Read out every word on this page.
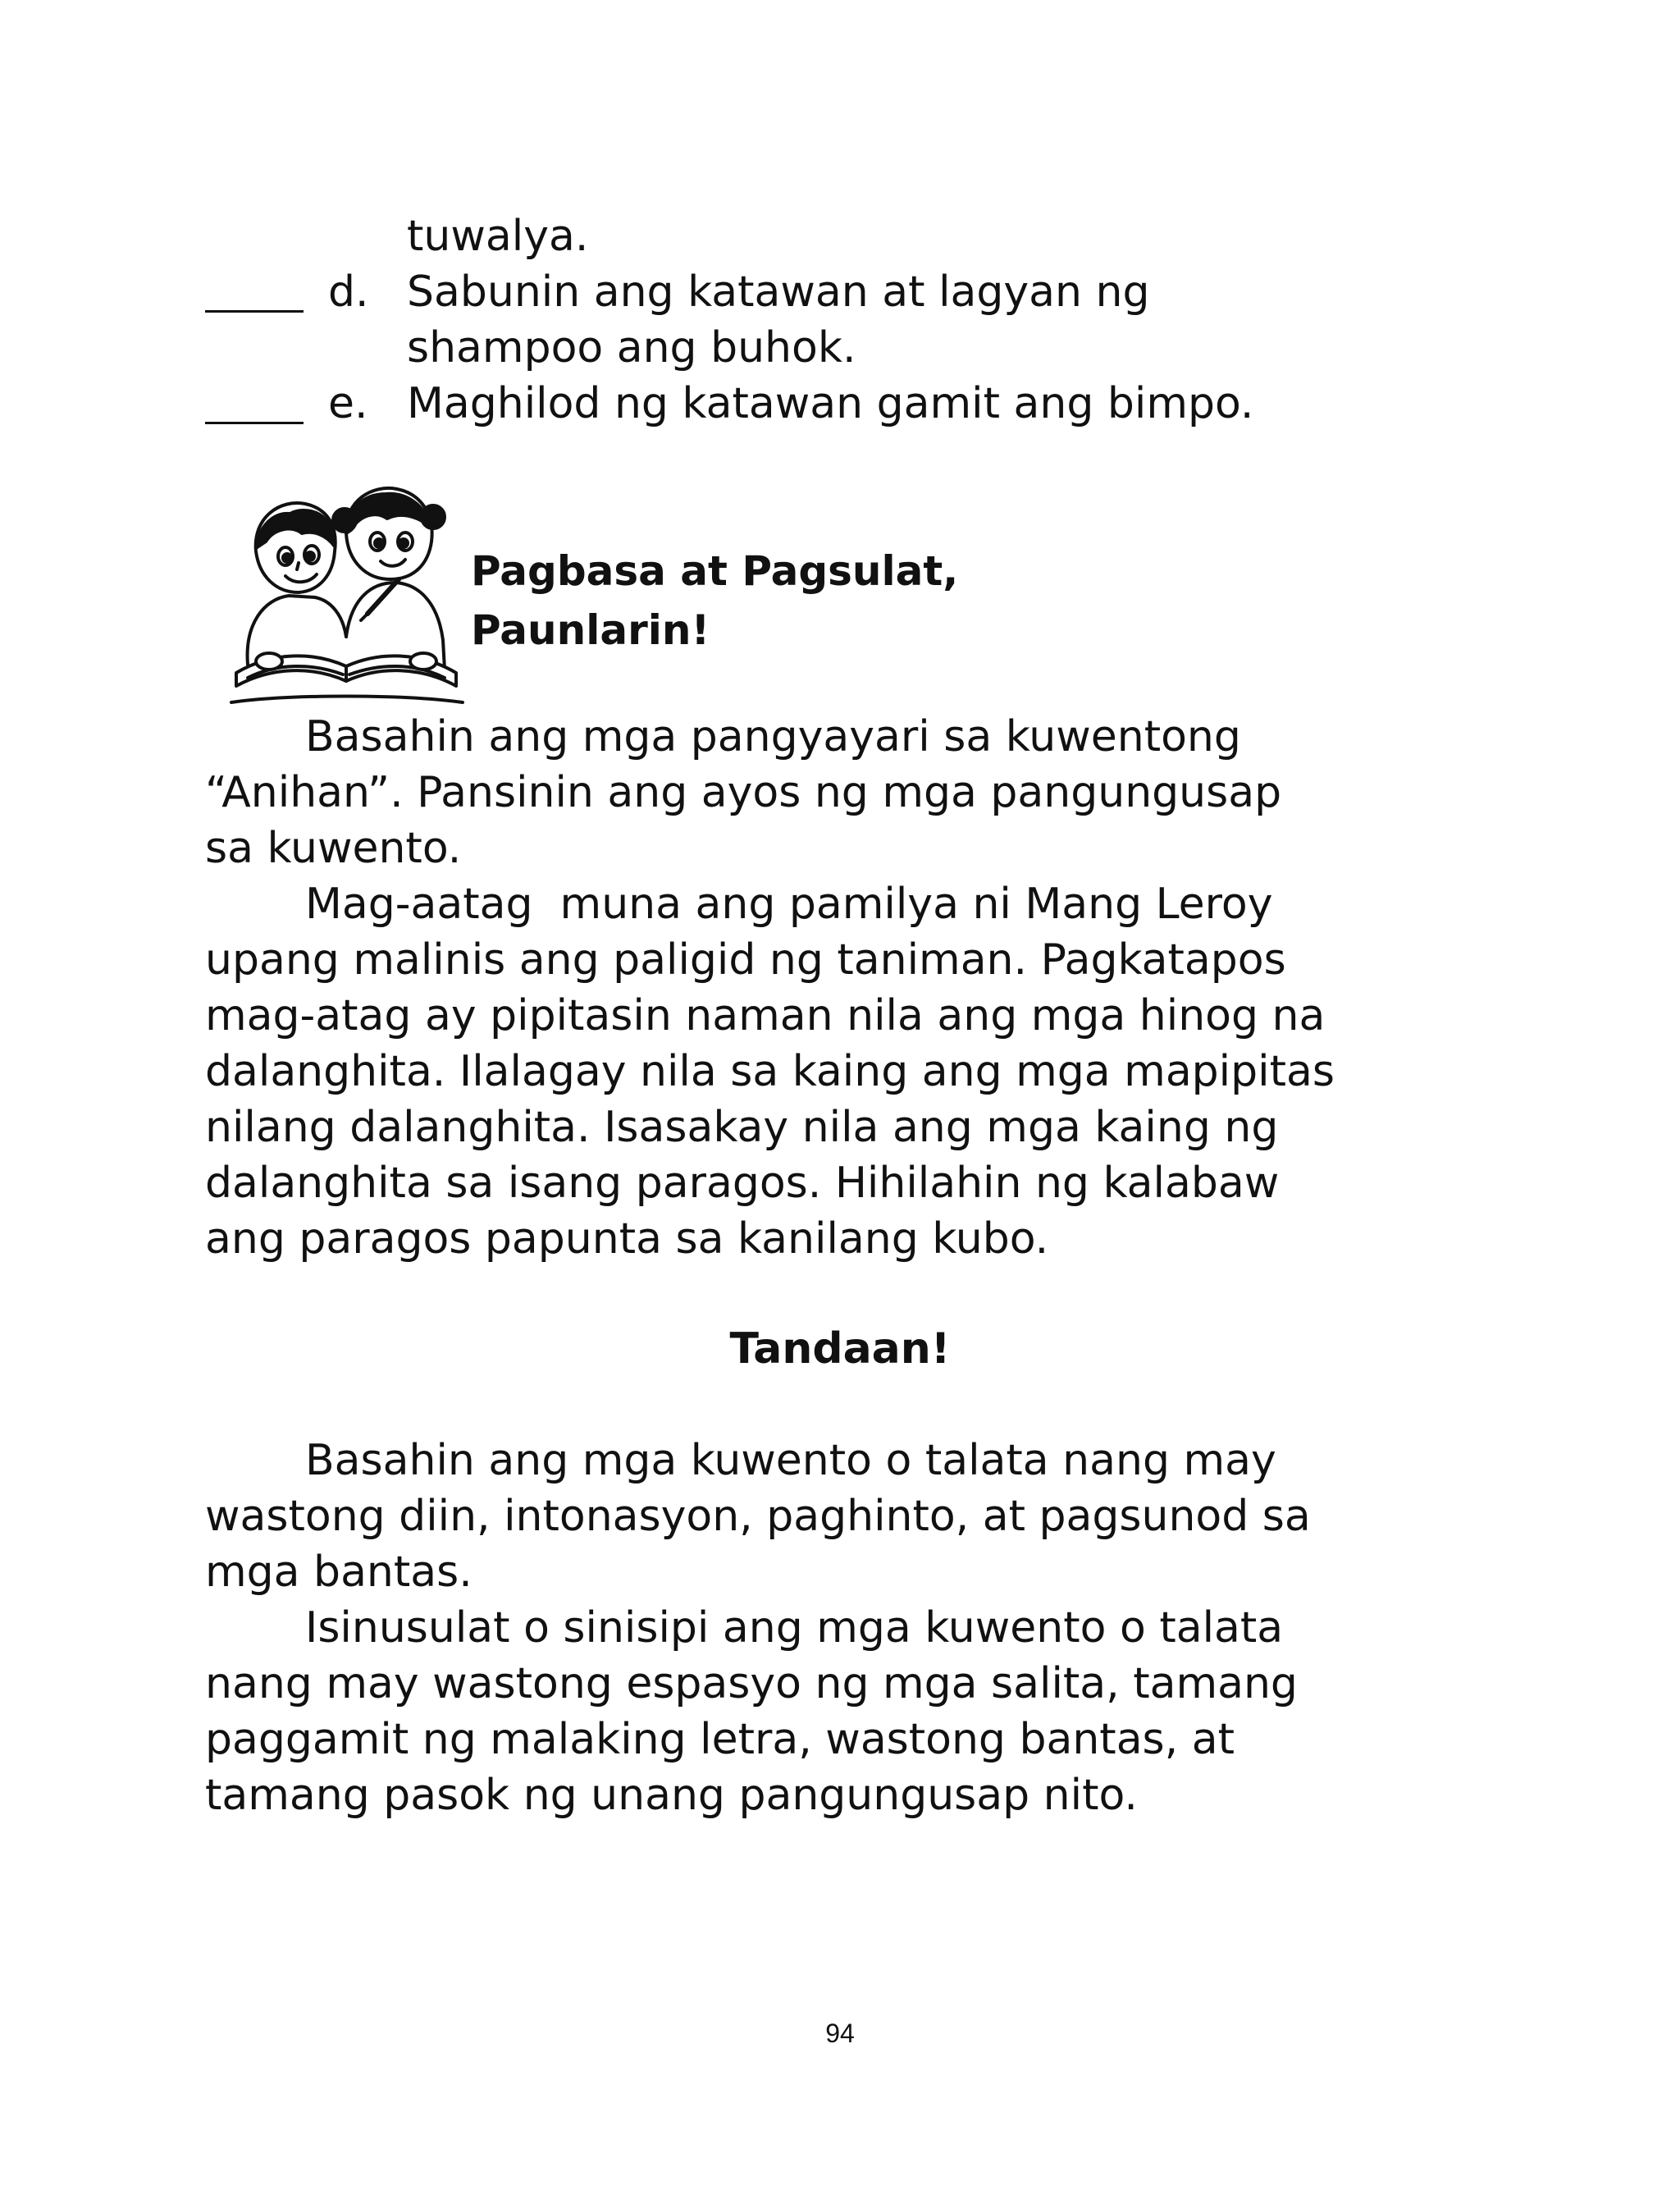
tuwalya.
d. Sabunin ang katawan at lagyan ng
shampoo ang buhok.
e. Maghilod ng katawan gamit ang bimpo.
Pagbasa at Pagsulat,
Paunlarin!
Basahin ang mga pangyayari sa kuwentong
“Anihan”. Pansinin ang ayos ng mga pangungusap
sa kuwento.
Mag-aatag  muna ang pamilya ni Mang Leroy
upang malinis ang paligid ng taniman. Pagkatapos
mag-atag ay pipitasin naman nila ang mga hinog na
dalanghita. Ilalagay nila sa kaing ang mga mapipitas
nilang dalanghita. Isasakay nila ang mga kaing ng
dalanghita sa isang paragos. Hihilahin ng kalabaw
ang paragos papunta sa kanilang kubo.
Tandaan!
Basahin ang mga kuwento o talata nang may
wastong diin, intonasyon, paghinto, at pagsunod sa
mga bantas.
Isinusulat o sinisipi ang mga kuwento o talata
nang may wastong espasyo ng mga salita, tamang
paggamit ng malaking letra, wastong bantas, at
tamang pasok ng unang pangungusap nito.
94
